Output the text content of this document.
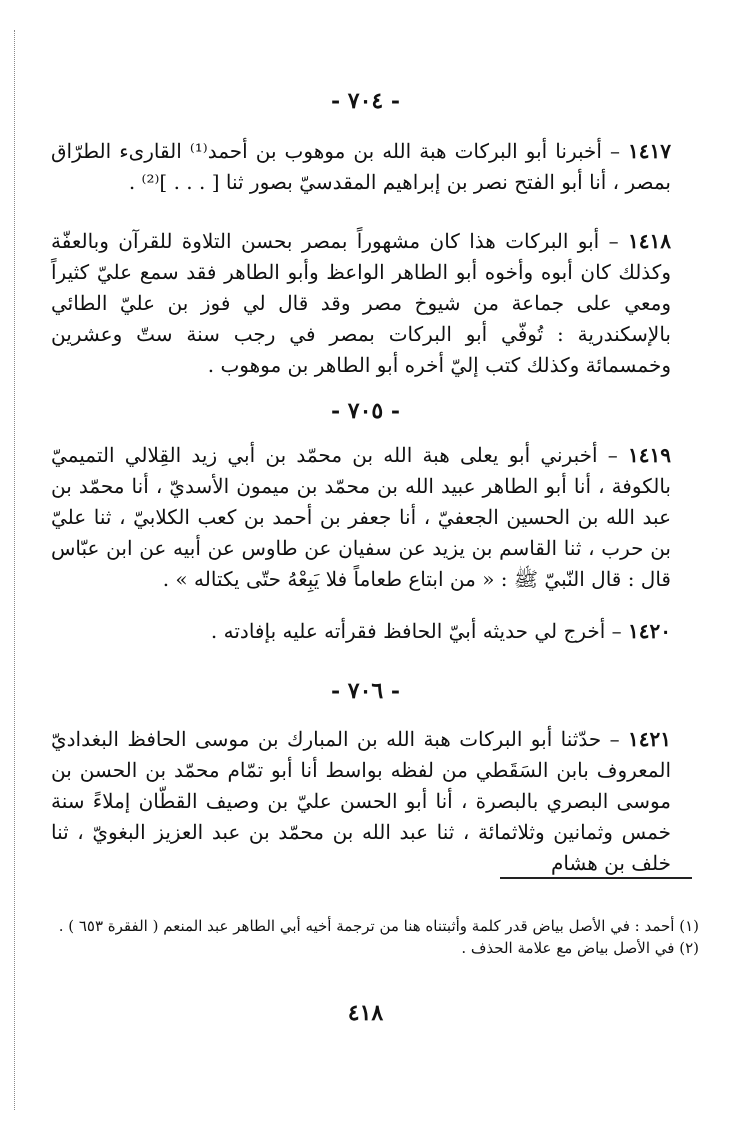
- ٧٠٤ -
١٤١٧ – أخبرنا أبو البركات هبة الله بن موهوب بن أحمد⁽¹⁾ القارىء الطرّاق بمصر ، أنا أبو الفتح نصر بن إبراهيم المقدسيّ بصور ثنا [ . . . ]⁽²⁾ .
١٤١٨ – أبو البركات هذا كان مشهوراً بمصر بحسن التلاوة للقرآن وبالعفّة وكذلك كان أبوه وأخوه أبو الطاهر الواعظ وأبو الطاهر فقد سمع عليّ كثيراً ومعي على جماعة من شيوخ مصر وقد قال لي فوز بن عليّ الطائي بالإسكندرية : تُوفّي أبو البركات بمصر في رجب سنة ستّ وعشرين وخمسمائة وكذلك كتب إليّ أخره أبو الطاهر بن موهوب .
- ٧٠٥ -
١٤١٩ – أخبرني أبو يعلى هبة الله بن محمّد بن أبي زيد القِلالي التميميّ بالكوفة ، أنا أبو الطاهر عبيد الله بن محمّد بن ميمون الأسديّ ، أنا محمّد بن عبد الله بن الحسين الجعفيّ ، أنا جعفر بن أحمد بن كعب الكلابيّ ، ثنا عليّ بن حرب ، ثنا القاسم بن يزيد عن سفيان عن طاوس عن أبيه عن ابن عبّاس قال : قال النّبيّ ﷺ : « من ابتاع طعاماً فلا يَبِعْهُ حتّى يكتاله » .
١٤٢٠ – أخرج لي حديثه أبيّ الحافظ فقرأته عليه بإفادته .
- ٧٠٦ -
١٤٢١ – حدّثنا أبو البركات هبة الله بن المبارك بن موسى الحافظ البغداديّ المعروف بابن السَقَطي من لفظه بواسط أنا أبو تمّام محمّد بن الحسن بن موسى البصري بالبصرة ، أنا أبو الحسن عليّ بن وصيف القطّان إملاءً سنة خمس وثمانين وثلاثمائة ، ثنا عبد الله بن محمّد بن عبد العزيز البغويّ ، ثنا خلف بن هشام
(١) أحمد : في الأصل بياض قدر كلمة وأثبتناه هنا من ترجمة أخيه أبي الطاهر عبد المنعم ( الفقرة ٦٥٣ ) .
(٢) في الأصل بياض مع علامة الحذف .
٤١٨
